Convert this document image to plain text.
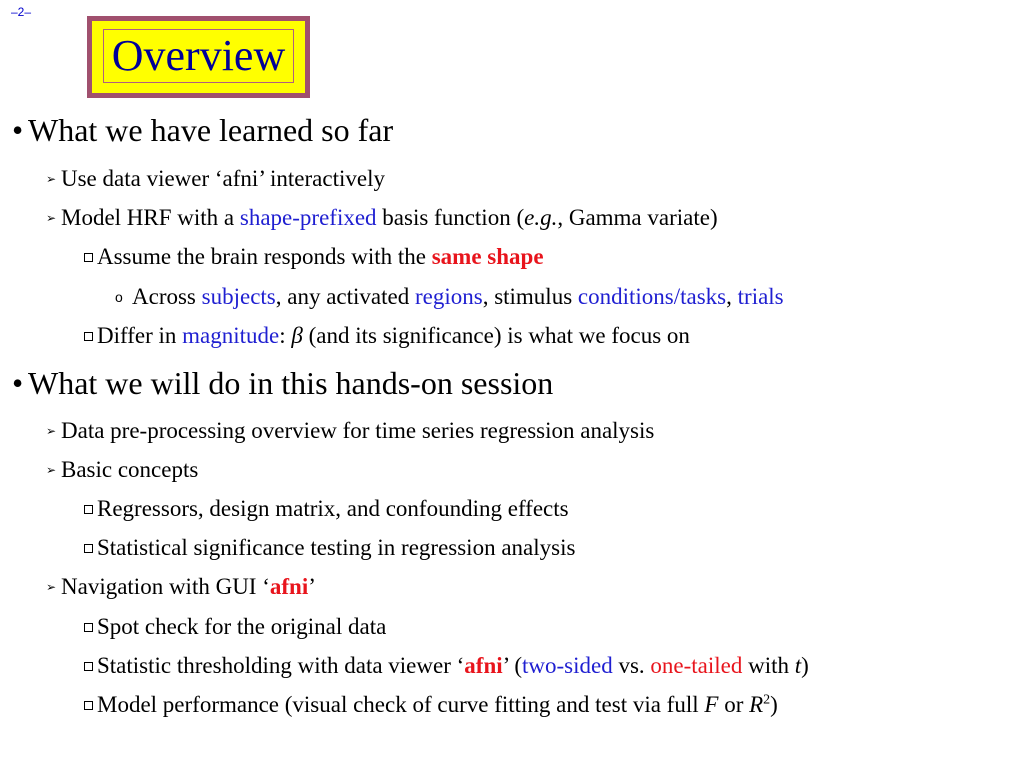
–2–
Overview
• What we have learned so far
➢ Use data viewer ‘afni’ interactively
➢ Model HRF with a shape-prefixed basis function (e.g., Gamma variate)
Assume the brain responds with the same shape
o Across subjects, any activated regions, stimulus conditions/tasks, trials
Differ in magnitude: β (and its significance) is what we focus on
• What we will do in this hands-on session
➢ Data pre-processing overview for time series regression analysis
➢ Basic concepts
Regressors, design matrix, and confounding effects
Statistical significance testing in regression analysis
➢ Navigation with GUI ‘afni’
Spot check for the original data
Statistic thresholding with data viewer ‘afni’ (two-sided vs. one-tailed with t)
Model performance (visual check of curve fitting and test via full F or $R^2$)
